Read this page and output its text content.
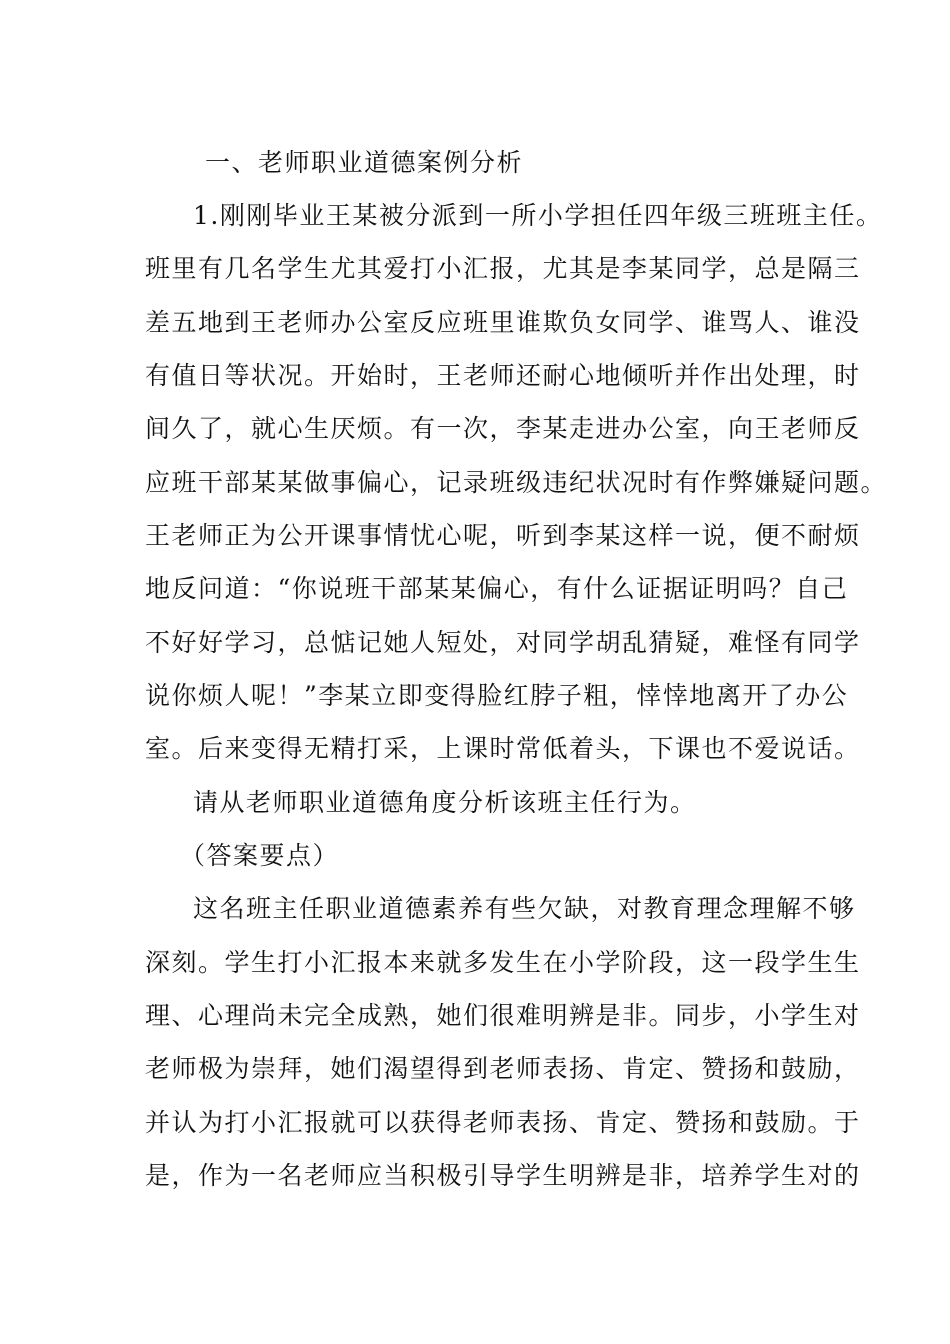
一、老师职业道德案例分析
1.刚刚毕业王某被分派到一所小学担任四年级三班班主任。
班里有几名学生尤其爱打小汇报，尤其是李某同学，总是隔三
差五地到王老师办公室反应班里谁欺负女同学、谁骂人、谁没
有值日等状况。开始时，王老师还耐心地倾听并作出处理，时
间久了，就心生厌烦。有一次，李某走进办公室，向王老师反
应班干部某某做事偏心，记录班级违纪状况时有作弊嫌疑问题。
王老师正为公开课事情忧心呢，听到李某这样一说，便不耐烦
地反问道：“你说班干部某某偏心，有什么证据证明吗？自己
不好好学习，总惦记她人短处，对同学胡乱猜疑，难怪有同学
说你烦人呢！”李某立即变得脸红脖子粗，悻悻地离开了办公
室。后来变得无精打采，上课时常低着头，下课也不爱说话。
请从老师职业道德角度分析该班主任行为。
（答案要点）
这名班主任职业道德素养有些欠缺，对教育理念理解不够
深刻。学生打小汇报本来就多发生在小学阶段，这一段学生生
理、心理尚未完全成熟，她们很难明辨是非。同步，小学生对
老师极为崇拜，她们渴望得到老师表扬、肯定、赞扬和鼓励，
并认为打小汇报就可以获得老师表扬、肯定、赞扬和鼓励。于
是，作为一名老师应当积极引导学生明辨是非，培养学生对的
